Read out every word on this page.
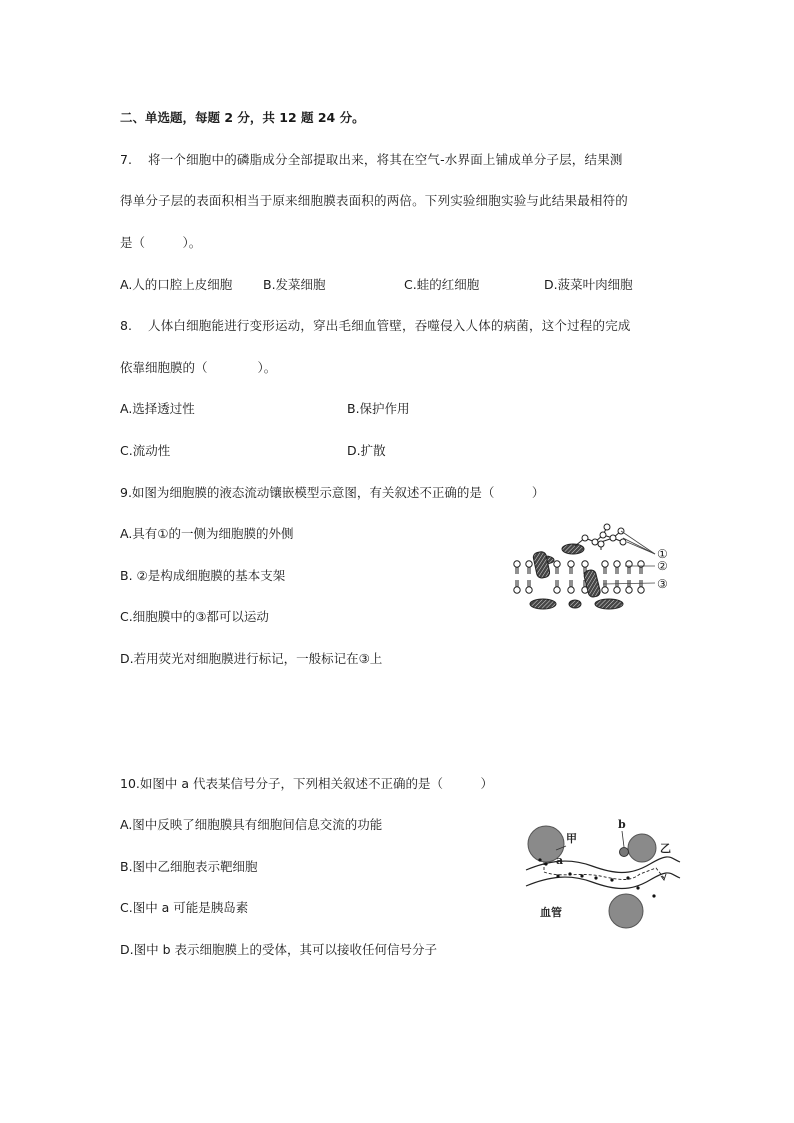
二、单选题，每题 2 分，共 12 题 24 分。
7. 将一个细胞中的磷脂成分全部提取出来，将其在空气-水界面上铺成单分子层，结果测
得单分子层的表面积相当于原来细胞膜表面积的两倍。下列实验细胞实验与此结果最相符的
是（　　　）。
A.人的口腔上皮细胞 B.发菜细胞	C.蛙的红细胞	D.菠菜叶肉细胞
8. 人体白细胞能进行变形运动，穿出毛细血管壁，吞噬侵入人体的病菌，这个过程的完成
依靠细胞膜的（　　　　）。
A.选择透过性	B.保护作用
C.流动性	D.扩散
9.如图为细胞膜的液态流动镶嵌模型示意图，有关叙述不正确的是（　　　）
A.具有①的一侧为细胞膜的外侧
B. ②是构成细胞膜的基本支架
C.细胞膜中的③都可以运动
D.若用荧光对细胞膜进行标记，一般标记在③上
①
②
③
10.如图中 a 代表某信号分子，下列相关叙述不正确的是（　　　）
A.图中反映了细胞膜具有细胞间信息交流的功能
B.图中乙细胞表示靶细胞
C.图中 a 可能是胰岛素
D.图中 b 表示细胞膜上的受体，其可以接收任何信号分子
甲
a
b
乙
血管
